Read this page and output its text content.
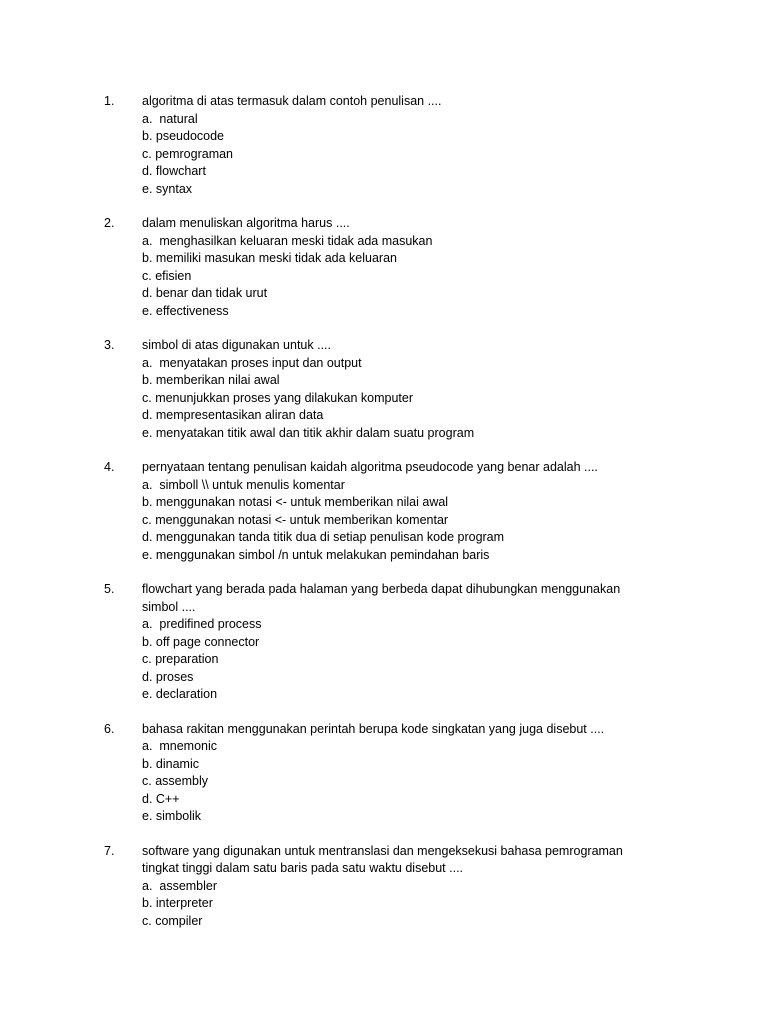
1.	algoritma di atas termasuk dalam contoh penulisan ....
a.  natural
b. pseudocode
c. pemrograman
d. flowchart
e. syntax
2.	dalam menuliskan algoritma harus ....
a.  menghasilkan keluaran meski tidak ada masukan
b. memiliki masukan meski tidak ada keluaran
c. efisien
d. benar dan tidak urut
e. effectiveness
3.	simbol di atas digunakan untuk ....
a.  menyatakan proses input dan output
b. memberikan nilai awal
c. menunjukkan proses yang dilakukan komputer
d. mempresentasikan aliran data
e. menyatakan titik awal dan titik akhir dalam suatu program
4.	pernyataan tentang penulisan kaidah algoritma pseudocode yang benar adalah ....
a.  simboll \\ untuk menulis komentar
b. menggunakan notasi <- untuk memberikan nilai awal
c. menggunakan notasi <- untuk memberikan komentar
d. menggunakan tanda titik dua di setiap penulisan kode program
e. menggunakan simbol /n untuk melakukan pemindahan baris
5.	flowchart yang berada pada halaman yang berbeda dapat dihubungkan menggunakan simbol ....
a.  predifined process
b. off page connector
c. preparation
d. proses
e. declaration
6.	bahasa rakitan menggunakan perintah berupa kode singkatan yang juga disebut ....
a.  mnemonic
b. dinamic
c. assembly
d. C++
e. simbolik
7.	software yang digunakan untuk mentranslasi dan mengeksekusi bahasa pemrograman tingkat tinggi dalam satu baris pada satu waktu disebut ....
a.  assembler
b. interpreter
c. compiler
